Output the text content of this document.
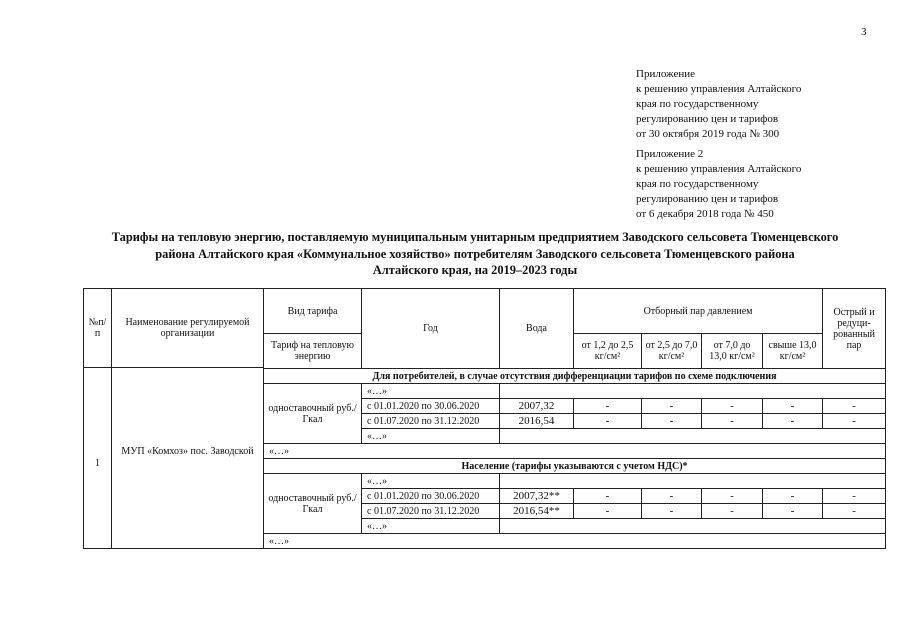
3
Приложение
к решению управления Алтайского
края по государственному
регулированию цен и тарифов
от 30 октября 2019 года № 300
Приложение 2
к решению управления Алтайского
края по государственному
регулированию цен и тарифов
от 6 декабря 2018 года № 450
Тарифы на тепловую энергию, поставляемую муниципальным унитарным предприятием Заводского сельсовета Тюменцевского
района Алтайского края «Коммунальное хозяйство» потребителям Заводского сельсовета Тюменцевского района
Алтайского края, на 2019–2023 годы
№п/п	Наименование регулируемой организации	Вид тарифа	Год	Вода	Отборный пар давлением				Острый и редуци-рованный пар
		Тариф на тепловую энергию			от 1,2 до 2,5 кг/см²	от 2,5 до 7,0 кг/см²	от 7,0 до 13,0 кг/см²	свыше 13,0 кг/см²	
1	МУП «Комхоз» пос. Заводской								
		Для потребителей, в случае отсутствия дифференциации тарифов по схеме подключения							
		одноставочный руб./Гкал	«…»						
			с 01.01.2020 по 30.06.2020	2007,32	-	-	-	-	-
			с 01.07.2020 по 31.12.2020	2016,54	-	-	-	-	-
			«…»						
		«…»							
		Население (тарифы указываются с учетом НДС)*							
		одноставочный руб./Гкал	«…»						
			с 01.01.2020 по 30.06.2020	2007,32**	-	-	-	-	-
			с 01.07.2020 по 31.12.2020	2016,54**	-	-	-	-	-
			«…»						
		«…»							
